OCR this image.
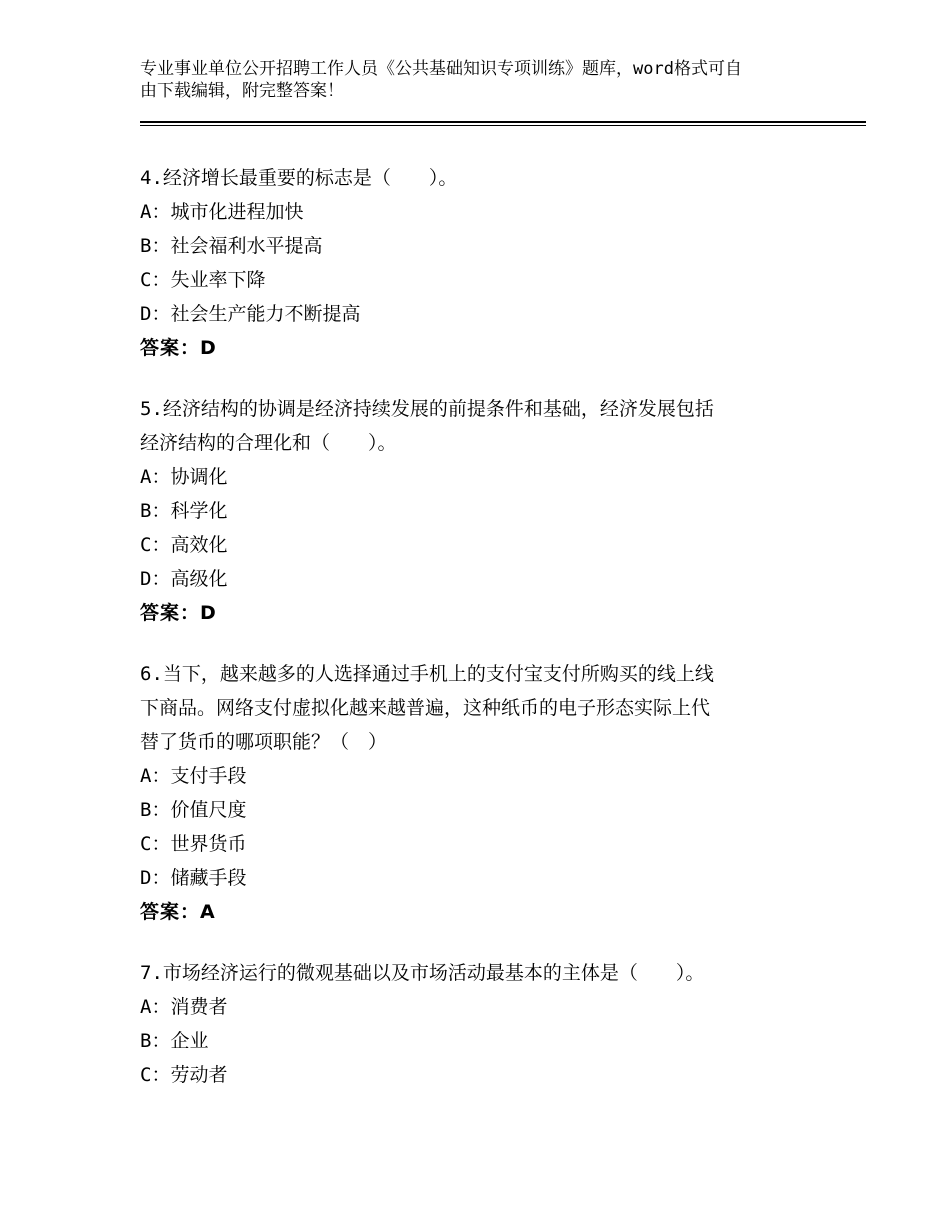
专业事业单位公开招聘工作人员《公共基础知识专项训练》题库，word格式可自
由下载编辑，附完整答案！
4.经济增长最重要的标志是（　　）。
A：城市化进程加快
B：社会福利水平提高
C：失业率下降
D：社会生产能力不断提高
答案：D
5.经济结构的协调是经济持续发展的前提条件和基础，经济发展包括
经济结构的合理化和（　　）。
A：协调化
B：科学化
C：高效化
D：高级化
答案：D
6.当下，越来越多的人选择通过手机上的支付宝支付所购买的线上线
下商品。网络支付虚拟化越来越普遍，这种纸币的电子形态实际上代
替了货币的哪项职能？（　）
A：支付手段
B：价值尺度
C：世界货币
D：储藏手段
答案：A
7.市场经济运行的微观基础以及市场活动最基本的主体是（　　）。
A：消费者
B：企业
C：劳动者
